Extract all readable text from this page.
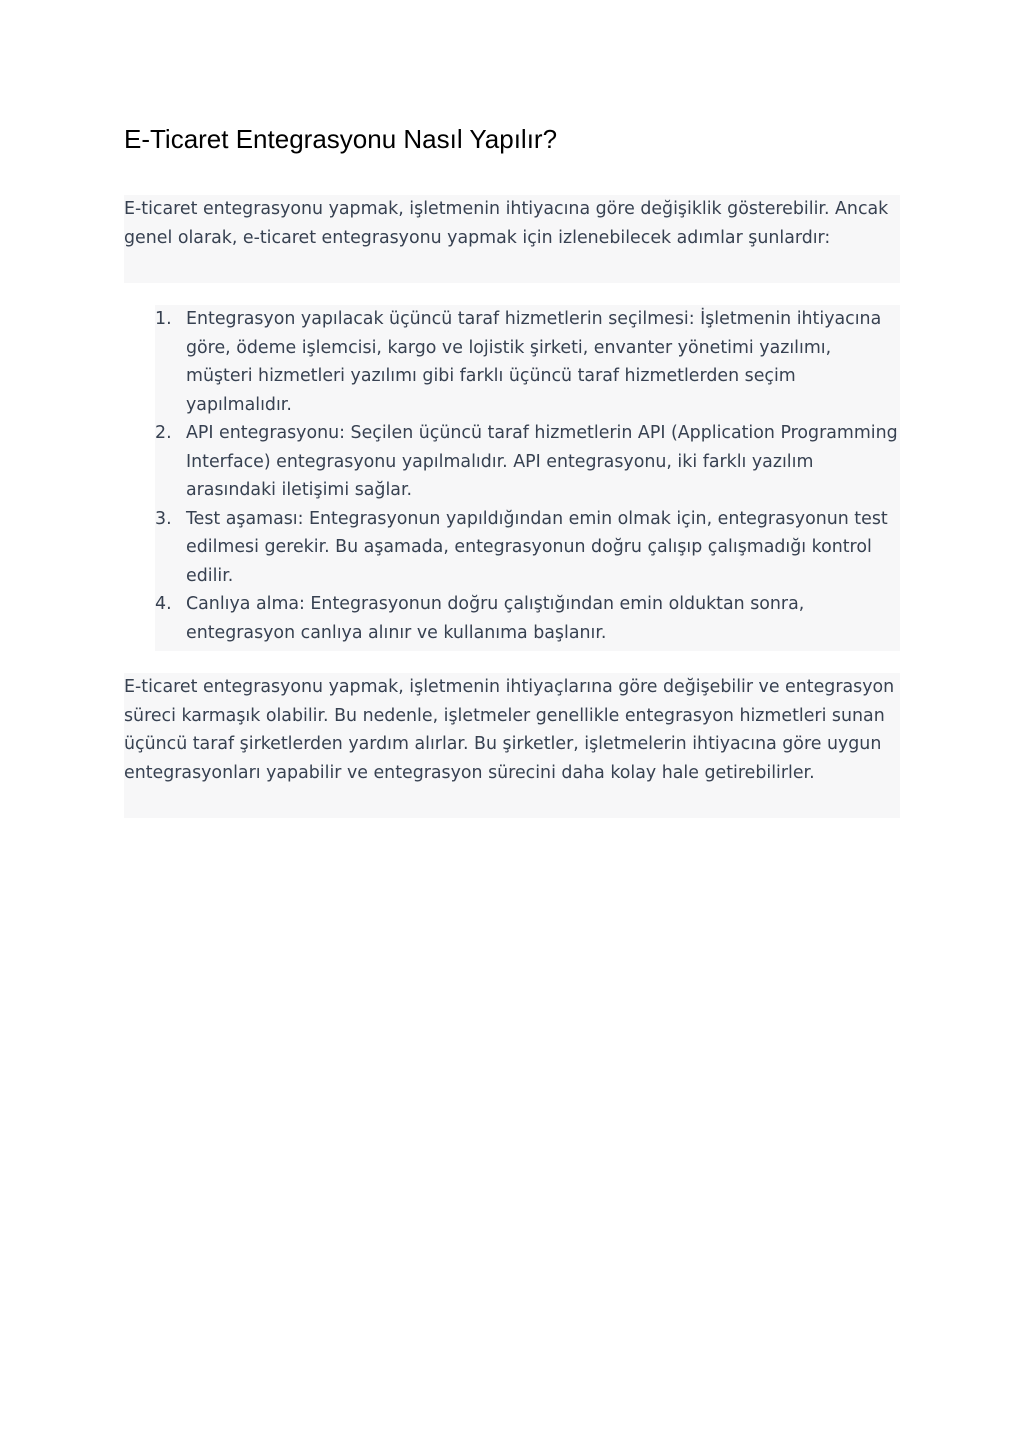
E-Ticaret Entegrasyonu Nasıl Yapılır?

E-ticaret entegrasyonu yapmak, işletmenin ihtiyacına göre değişiklik gösterebilir. Ancak genel olarak, e-ticaret entegrasyonu yapmak için izlenebilecek adımlar şunlardır:

1. Entegrasyon yapılacak üçüncü taraf hizmetlerin seçilmesi: İşletmenin ihtiyacına göre, ödeme işlemcisi, kargo ve lojistik şirketi, envanter yönetimi yazılımı, müşteri hizmetleri yazılımı gibi farklı üçüncü taraf hizmetlerden seçim yapılmalıdır.
2. API entegrasyonu: Seçilen üçüncü taraf hizmetlerin API (Application Programming Interface) entegrasyonu yapılmalıdır. API entegrasyonu, iki farklı yazılım arasındaki iletişimi sağlar.
3. Test aşaması: Entegrasyonun yapıldığından emin olmak için, entegrasyonun test edilmesi gerekir. Bu aşamada, entegrasyonun doğru çalışıp çalışmadığı kontrol edilir.
4. Canlıya alma: Entegrasyonun doğru çalıştığından emin olduktan sonra, entegrasyon canlıya alınır ve kullanıma başlanır.

E-ticaret entegrasyonu yapmak, işletmenin ihtiyaçlarına göre değişebilir ve entegrasyon süreci karmaşık olabilir. Bu nedenle, işletmeler genellikle entegrasyon hizmetleri sunan üçüncü taraf şirketlerden yardım alırlar. Bu şirketler, işletmelerin ihtiyacına göre uygun entegrasyonları yapabilir ve entegrasyon sürecini daha kolay hale getirebilirler.
